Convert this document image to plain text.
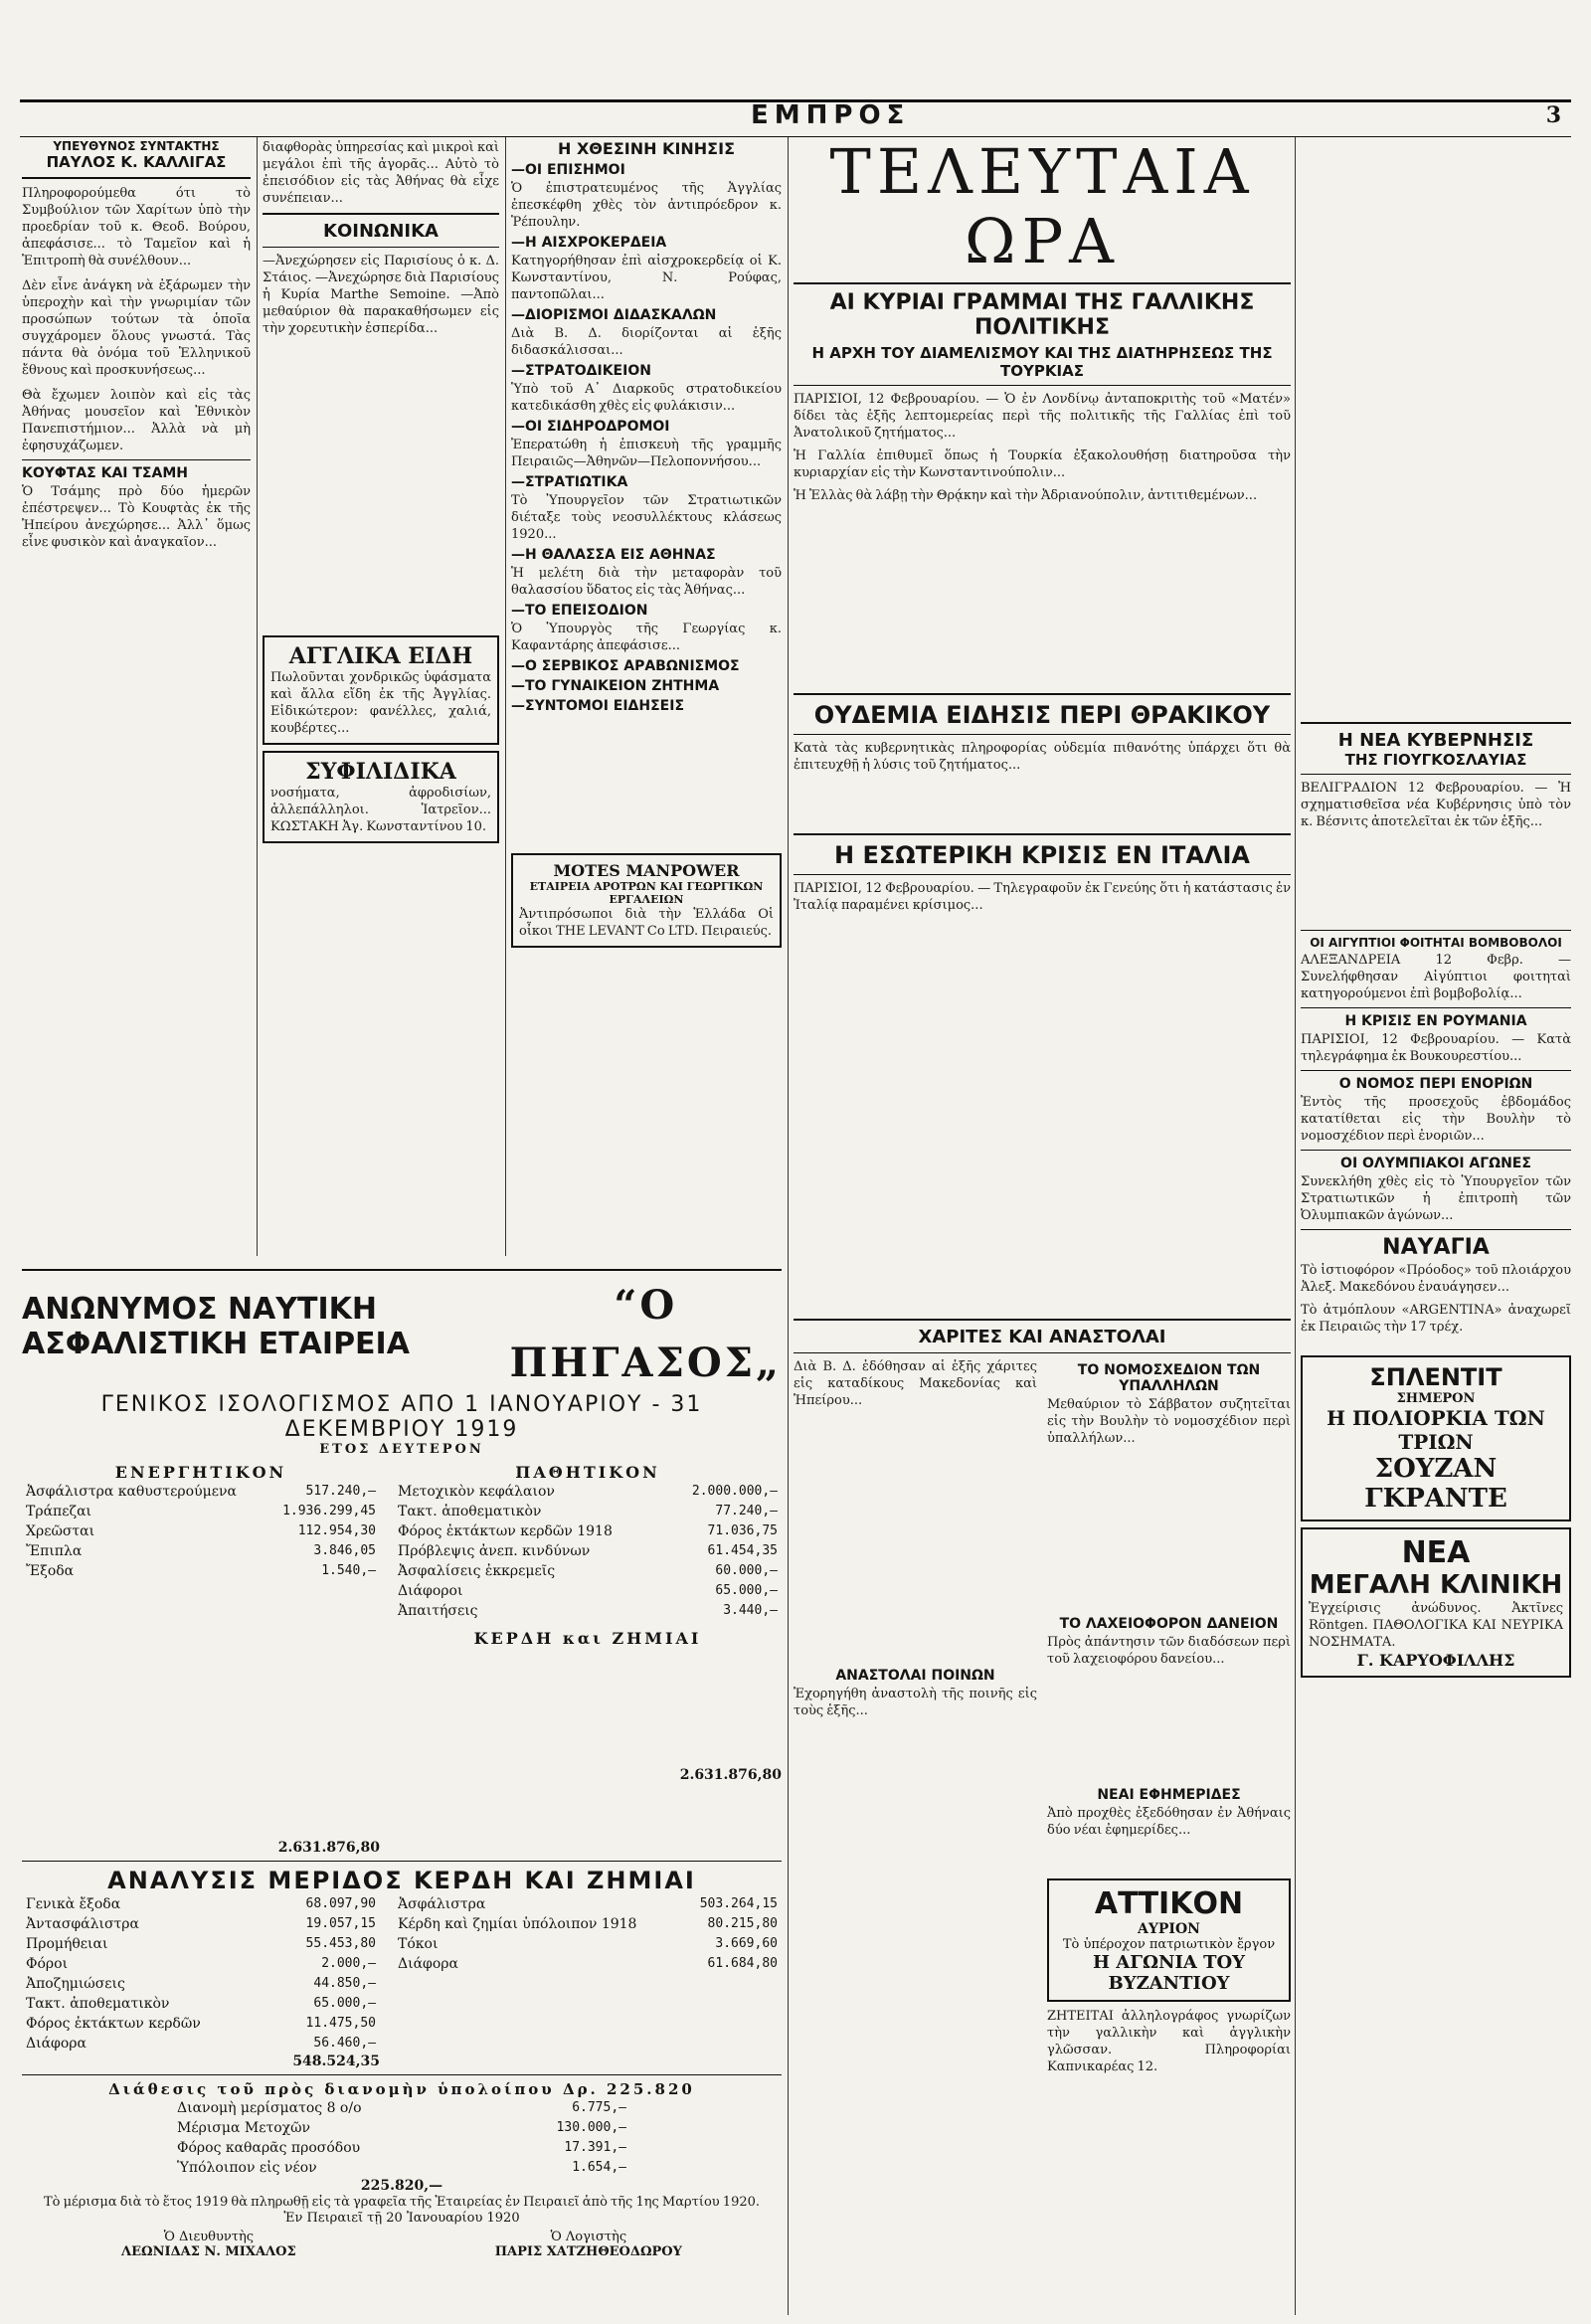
ΕΜΠΡΟΣ	3
ΥΠΕΥΘΥΝΟΣ ΣΥΝΤΑΚΤΗΣ
ΠΑΥΛΟΣ Κ. ΚΑΛΛΙΓΑΣ

Πληροφορούμεθα ότι τὸ Συμβούλιον τῶν Χαρίτων ὑπὸ τὴν προεδρίαν τοῦ κ. Θεοδ. Βούρου, ἀπεφάσισε... τὸ Ταμεῖον καὶ ἡ Ἐπιτροπὴ θὰ συνέλθουν...

Δὲν εἶνε ἀνάγκη νὰ ἐξάρωμεν τὴν ὑπεροχὴν καὶ τὴν γνωριμίαν τῶν προσώπων τούτων τὰ ὁποῖα συγχάρομεν ὅλους γνωστά. Τὰς πάντα θὰ ὀνόμα τοῦ Ἑλληνικοῦ ἔθνους καὶ προσκυνήσεως...

Θὰ ἔχωμεν λοιπὸν καὶ εἰς τὰς Ἀθήνας μουσεῖον καὶ Ἐθνικὸν Πανεπιστήμιον... Ἀλλὰ νὰ μὴ ἐφησυχάζωμεν.

ΚΟΥΦΤΑΣ ΚΑΙ ΤΣΑΜΗ

Ὁ Τσάμης πρὸ δύο ἡμερῶν ἐπέστρεψεν... Τὸ Κουφτὰς ἐκ τῆς Ἠπείρου ἀνεχώρησε... Ἀλλ᾽ ὅμως εἶνε φυσικὸν καὶ ἀναγκαῖον...

διαφθορὰς ὑπηρεσίας καὶ μικροὶ καὶ μεγάλοι ἐπὶ τῆς ἀγορᾶς... Αὐτὸ τὸ ἐπεισόδιον εἰς τὰς Ἀθήνας θὰ εἶχε συνέπειαν...

ΚΟΙΝΩΝΙΚΑ

—Ἀνεχώρησεν εἰς Παρισίους ὁ κ. Δ. Στάιος. —Ἀνεχώρησε διὰ Παρισίους ἡ Κυρία Marthe Semoine. —Ἀπὸ μεθαύριον θὰ παρακαθήσωμεν εἰς τὴν χορευτικὴν ἐσπερίδα...

ΑΓΓΛΙΚΑ ΕΙΔΗ

Πωλοῦνται χονδρικῶς ὑφάσματα καὶ ἄλλα εἴδη ἐκ τῆς Ἀγγλίας. Εἰδικώτερον: φανέλλες, χαλιά, κουβέρτες...

ΣΥΦΙΛΙΔΙΚΑ

νοσήματα, ἀφροδισίων, ἀλλεπάλληλοι. Ἰατρεῖον... ΚΩΣΤΑΚΗ Ἀγ. Κωνσταντίνου 10.

Η ΧΘΕΣΙΝΗ ΚΙΝΗΣΙΣ
—ΟΙ ΕΠΙΣΗΜΟΙ

Ὁ ἐπιστρατευμένος τῆς Ἀγγλίας ἐπεσκέφθη χθὲς τὸν ἀντιπρόεδρον κ. Ῥέπουλην.

—Η ΑΙΣΧΡΟΚΕΡΔΕΙΑ

Κατηγορήθησαν ἐπὶ αἰσχροκερδείᾳ οἱ Κ. Κωνσταντίνου, Ν. Ρούφας, παντοπῶλαι...

—ΔΙΟΡΙΣΜΟΙ ΔΙΔΑΣΚΑΛΩΝ

Διὰ Β. Δ. διορίζονται αἱ ἑξῆς διδασκάλισσαι...

—ΣΤΡΑΤΟΔΙΚΕΙΟΝ

Ὑπὸ τοῦ Α᾽ Διαρκοῦς στρατοδικείου κατεδικάσθη χθὲς εἰς φυλάκισιν...

—ΟΙ ΣΙΔΗΡΟΔΡΟΜΟΙ

Ἐπερατώθη ἡ ἐπισκευὴ τῆς γραμμῆς Πειραιῶς—Ἀθηνῶν—Πελοποννήσου...

—ΣΤΡΑΤΙΩΤΙΚΑ

Τὸ Ὑπουργεῖον τῶν Στρατιωτικῶν διέταξε τοὺς νεοσυλλέκτους κλάσεως 1920...

—Η ΘΑΛΑΣΣΑ ΕΙΣ ΑΘΗΝΑΣ

Ἡ μελέτη διὰ τὴν μεταφορὰν τοῦ θαλασσίου ὕδατος εἰς τὰς Ἀθήνας...

—ΤΟ ΕΠΕΙΣΟΔΙΟΝ

Ὁ Ὑπουργὸς τῆς Γεωργίας κ. Καφαντάρης ἀπεφάσισε...

—Ο ΣΕΡΒΙΚΟΣ ΑΡΑΒΩΝΙΣΜΟΣ
—ΤΟ ΓΥΝΑΙΚΕΙΟΝ ΖΗΤΗΜΑ
—ΣΥΝΤΟΜΟΙ ΕΙΔΗΣΕΙΣ
MOTES MANPOWER
ΕΤΑΙΡΕΙΑ ΑΡΟΤΡΩΝ ΚΑΙ ΓΕΩΡΓΙΚΩΝ ΕΡΓΑΛΕΙΩΝ

Ἀντιπρόσωποι διὰ τὴν Ἑλλάδα Οἱ οἶκοι THE LEVANT Co LTD. Πειραιεύς.

ΤΕΛΕΥΤΑΙΑ ΩΡΑ
ΑΙ ΚΥΡΙΑΙ ΓΡΑΜΜΑΙ ΤΗΣ ΓΑΛΛΙΚΗΣ ΠΟΛΙΤΙΚΗΣ
Η ΑΡΧΗ ΤΟΥ ΔΙΑΜΕΛΙΣΜΟΥ ΚΑΙ ΤΗΣ ΔΙΑΤΗΡΗΣΕΩΣ ΤΗΣ ΤΟΥΡΚΙΑΣ

ΠΑΡΙΣΙΟΙ, 12 Φεβρουαρίου. — Ὁ ἐν Λονδίνῳ ἀνταποκριτὴς τοῦ «Ματέν» δίδει τὰς ἑξῆς λεπτομερείας περὶ τῆς πολιτικῆς τῆς Γαλλίας ἐπὶ τοῦ Ἀνατολικοῦ ζητήματος...

Ἡ Γαλλία ἐπιθυμεῖ ὅπως ἡ Τουρκία ἐξακολουθήσῃ διατηροῦσα τὴν κυριαρχίαν εἰς τὴν Κωνσταντινούπολιν...

Ἡ Ἑλλὰς θὰ λάβῃ τὴν Θρᾴκην καὶ τὴν Ἀδριανούπολιν, ἀντιτιθεμένων...

ΟΥΔΕΜΙΑ ΕΙΔΗΣΙΣ ΠΕΡΙ ΘΡΑΚΙΚΟΥ

Κατὰ τὰς κυβερνητικὰς πληροφορίας οὐδεμία πιθανότης ὑπάρχει ὅτι θὰ ἐπιτευχθῇ ἡ λύσις τοῦ ζητήματος...

Η ΕΣΩΤΕΡΙΚΗ ΚΡΙΣΙΣ ΕΝ ΙΤΑΛΙΑ

ΠΑΡΙΣΙΟΙ, 12 Φεβρουαρίου. — Τηλεγραφοῦν ἐκ Γενεύης ὅτι ἡ κατάστασις ἐν Ἰταλίᾳ παραμένει κρίσιμος...

ΧΑΡΙΤΕΣ ΚΑΙ ΑΝΑΣΤΟΛΑΙ

Διὰ Β. Δ. ἐδόθησαν αἱ ἑξῆς χάριτες εἰς καταδίκους Μακεδονίας καὶ Ἠπείρου...

ΑΝΑΣΤΟΛΑΙ ΠΟΙΝΩΝ

Ἐχορηγήθη ἀναστολὴ τῆς ποινῆς εἰς τοὺς ἑξῆς...

ΤΟ ΝΟΜΟΣΧΕΔΙΟΝ ΤΩΝ ΥΠΑΛΛΗΛΩΝ

Μεθαύριον τὸ Σάββατον συζητεῖται εἰς τὴν Βουλὴν τὸ νομοσχέδιον περὶ ὑπαλλήλων...

ΤΟ ΛΑΧΕΙΟΦΟΡΟΝ ΔΑΝΕΙΟΝ

Πρὸς ἀπάντησιν τῶν διαδόσεων περὶ τοῦ λαχειοφόρου δανείου...

ΝΕΑΙ ΕΦΗΜΕΡΙΔΕΣ

Ἀπὸ προχθὲς ἐξεδόθησαν ἐν Ἀθήναις δύο νέαι ἐφημερίδες...

ΑΤΤΙΚΟΝ
ΑΥΡΙΟΝ
Τὸ ὑπέροχον πατριωτικὸν ἔργον
Η ΑΓΩΝΙΑ ΤΟΥ ΒΥΖΑΝΤΙΟΥ

ΖΗΤΕΙΤΑΙ ἀλληλογράφος γνωρίζων τὴν γαλλικὴν καὶ ἀγγλικὴν γλῶσσαν. Πληροφορίαι Καπνικαρέας 12.

Η ΝΕΑ ΚΥΒΕΡΝΗΣΙΣ
ΤΗΣ ΓΙΟΥΓΚΟΣΛΑΥΙΑΣ

ΒΕΛΙΓΡΑΔΙΟΝ 12 Φεβρουαρίου. — Ἡ σχηματισθεῖσα νέα Κυβέρνησις ὑπὸ τὸν κ. Βέσνιτς ἀποτελεῖται ἐκ τῶν ἑξῆς...

ΟΙ ΑΙΓΥΠΤΙΟΙ ΦΟΙΤΗΤΑΙ ΒΟΜΒΟΒΟΛΟΙ

ΑΛΕΞΑΝΔΡΕΙΑ 12 Φεβρ. — Συνελήφθησαν Αἰγύπτιοι φοιτηταὶ κατηγορούμενοι ἐπὶ βομβοβολίᾳ...

Η ΚΡΙΣΙΣ ΕΝ ΡΟΥΜΑΝΙΑ

ΠΑΡΙΣΙΟΙ, 12 Φεβρουαρίου. — Κατὰ τηλεγράφημα ἐκ Βουκουρεστίου...

Ο ΝΟΜΟΣ ΠΕΡΙ ΕΝΟΡΙΩΝ

Ἐντὸς τῆς προσεχοῦς ἑβδομάδος κατατίθεται εἰς τὴν Βουλὴν τὸ νομοσχέδιον περὶ ἐνοριῶν...

ΟΙ ΟΛΥΜΠΙΑΚΟΙ ΑΓΩΝΕΣ

Συνεκλήθη χθὲς εἰς τὸ Ὑπουργεῖον τῶν Στρατιωτικῶν ἡ ἐπιτροπὴ τῶν Ὀλυμπιακῶν ἀγώνων...

ΝΑΥΑΓΙΑ

Τὸ ἱστιοφόρον «Πρόοδος» τοῦ πλοιάρχου Ἀλεξ. Μακεδόνου ἐναυάγησεν...

Τὸ ἀτμόπλουν «ARGENTINA» ἀναχωρεῖ ἐκ Πειραιῶς τὴν 17 τρέχ.

ΣΠΛΕΝΤΙΤ
ΣΗΜΕΡΟΝ
Η ΠΟΛΙΟΡΚΙΑ ΤΩΝ ΤΡΙΩΝ
ΣΟΥΖΑΝ ΓΚΡΑΝΤΕ
ΝΕΑ
ΜΕΓΑΛΗ ΚΛΙΝΙΚΗ

Ἐγχείρισις ἀνώδυνος. Ἀκτῖνες Röntgen. ΠΑΘΟΛΟΓΙΚΑ ΚΑΙ ΝΕΥΡΙΚΑ ΝΟΣΗΜΑΤΑ.

Γ. ΚΑΡΥΟΦΙΛΛΗΣ
ΑΝΩΝΥΜΟΣ ΝΑΥΤΙΚΗ ΑΣΦΑΛΙΣΤΙΚΗ ΕΤΑΙΡΕΙΑ
“Ο ΠΗΓΑΣΟΣ„
ΓΕΝΙΚΟΣ ΙΣΟΛΟΓΙΣΜΟΣ ΑΠΟ 1 ΙΑΝΟΥΑΡΙΟΥ - 31 ΔΕΚΕΜΒΡΙΟΥ 1919
ΕΤΟΣ ΔΕΥΤΕΡΟΝ
ΕΝΕΡΓΗΤΙΚΟΝ
Ἀσφάλιστρα καθυστερούμενα	517.240,—
Τράπεζαι	1.936.299,45
Χρεῶσται	112.954,30
Ἔπιπλα	3.846,05
Ἔξοδα	1.540,—
2.631.876,80
ΠΑΘΗΤΙΚΟΝ
Μετοχικὸν κεφάλαιον	2.000.000,—
Τακτ. ἀποθεματικὸν	77.240,—
Φόρος ἐκτάκτων κερδῶν 1918	71.036,75
Πρόβλεψις ἀνεπ. κινδύνων	61.454,35
Ἀσφαλίσεις ἐκκρεμεῖς	60.000,—
Διάφοροι	65.000,—
Ἀπαιτήσεις	3.440,—
ΚΕΡΔΗ και ΖΗΜΙΑΙ
2.631.876,80
ΑΝΑΛΥΣΙΣ ΜΕΡΙΔΟΣ ΚΕΡΔΗ ΚΑΙ ΖΗΜΙΑΙ
Γενικὰ ἔξοδα	68.097,90
Ἀντασφάλιστρα	19.057,15
Προμήθειαι	55.453,80
Φόροι	2.000,—
Ἀποζημιώσεις	44.850,—
Τακτ. ἀποθεματικὸν	65.000,—
Φόρος ἐκτάκτων κερδῶν	11.475,50
Διάφορα	56.460,—
548.524,35
Ἀσφάλιστρα	503.264,15
Κέρδη καὶ ζημίαι ὑπόλοιπον 1918	80.215,80
Τόκοι	3.669,60
Διάφορα	61.684,80
Διάθεσις τοῦ πρὸς διανομὴν ὑπολοίπου Δρ. 225.820
Διανομὴ μερίσματος 8 ο/ο	6.775,—
Μέρισμα Μετοχῶν	130.000,—
Φόρος καθαρᾶς προσόδου	17.391,—
Ὑπόλοιπον εἰς νέον	1.654,—
225.820,—

Τὸ μέρισμα διὰ τὸ ἔτος 1919 θὰ πληρωθῇ εἰς τὰ γραφεῖα τῆς Ἑταιρείας ἐν Πειραιεῖ ἀπὸ τῆς 1ης Μαρτίου 1920.

Ἐν Πειραιεῖ τῇ 20 Ἰανουαρίου 1920
Ὁ Διευθυντὴς
ΛΕΩΝΙΔΑΣ Ν. ΜΙΧΑΛΟΣ
Ὁ Λογιστὴς
ΠΑΡΙΣ ΧΑΤΖΗΘΕΟΔΩΡΟΥ
